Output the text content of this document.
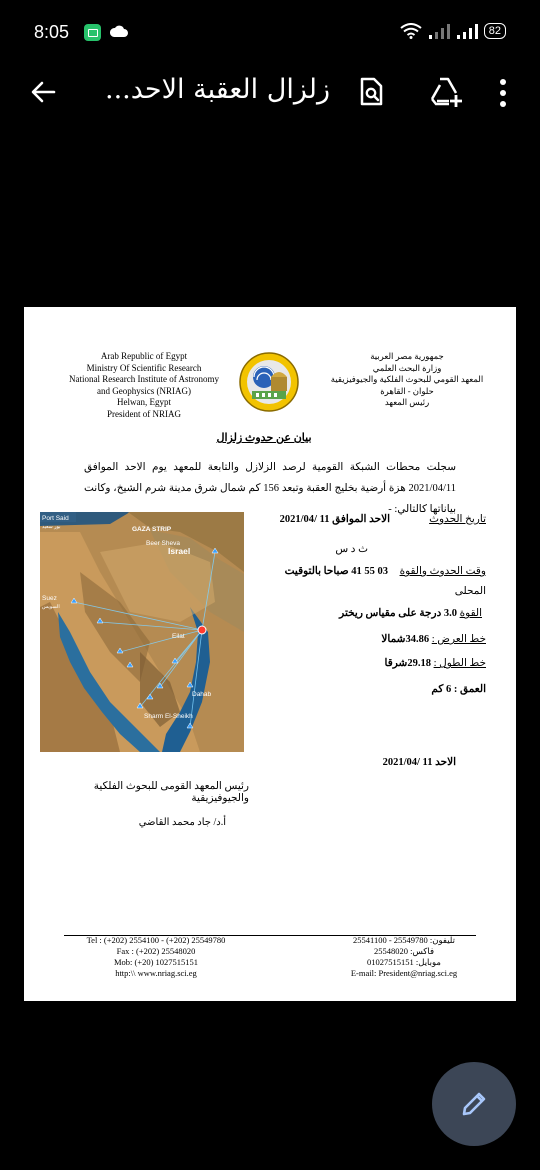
8:05	82
زلزال العقبة الاحد...
Arab Republic of Egypt
Ministry Of Scientific Research
National Research Institute of Astronomy
and Geophysics (NRIAG)
Helwan, Egypt
President of NRIAG
جمهورية مصر العربية
وزارة البحث العلمي
المعهد القومي للبحوث الفلكية والجيوفيزيقية
حلوان - القاهرة
رئيس المعهد
بيان عن حدوث زلزال
سجلت محطات الشبكة القومية لرصد الزلازل والتابعة للمعهد يوم الاحد الموافق 2021/04/11 هزة أرضية بخليج العقبة وتبعد 156 كم شمال شرق مدينة شرم الشيخ، وكانت بياناتها كالتالي: -
Port Said
بور سعيد	GAZA STRIP
Beer Sheva
Israel
Suez
السويس
Eilat
Dahab
Sharm El-Sheikh
تاريخ الحدوث
الاحد الموافق 11 /2021/04
ث د س
وقت الحدوث والقوة
03 55 41 صباحا بالتوقيت
المحلى
القوة 3.0 درجة على مقياس ريختر
خط العرض : 34.86شمالا
خط الطول : 29.18شرقا
العمق : 6 كم
الاحد 11 /2021/04
رئيس المعهد القومى للبحوث الفلكية والجيوفيزيقية
أ.د/ جاد محمد القاضي
Tel : (+202) 2554100 - (+202) 25549780
Fax : (+202) 25548020
Mob: (+20) 1027515151
http:\\ www.nriag.sci.eg
تليفون: 25549780 - 25541100
فاكس: 25548020
موبايل: 01027515151
E-mail: President@nriag.sci.eg
